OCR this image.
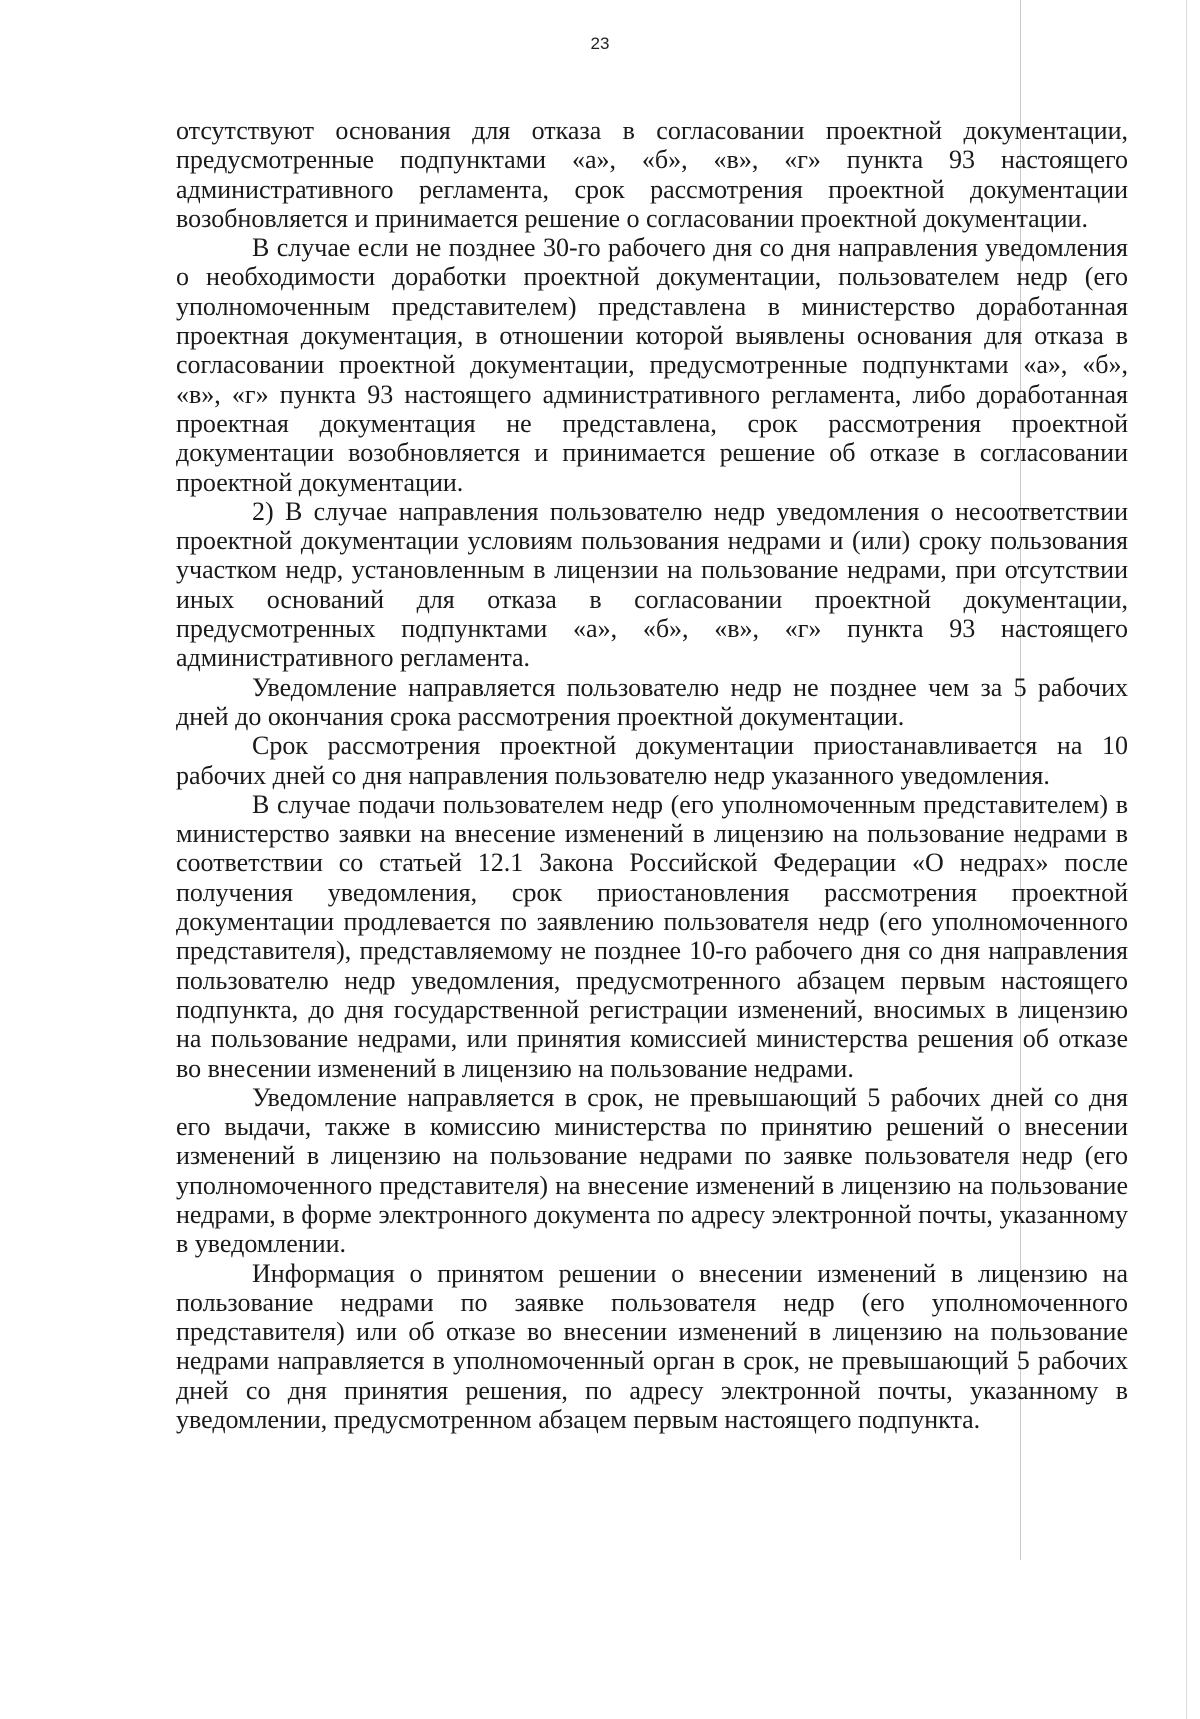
23

отсутствуют основания для отказа в согласовании проектной документации, предусмотренные подпунктами «а», «б», «в», «г» пункта 93 настоящего административного регламента, срок рассмотрения проектной документации возобновляется и принимается решение о согласовании проектной документации.

В случае если не позднее 30-го рабочего дня со дня направления уведомления о необходимости доработки проектной документации, пользователем недр (его уполномоченным представителем) представлена в министерство доработанная проектная документация, в отношении которой выявлены основания для отказа в согласовании проектной документации, предусмотренные подпунктами «а», «б», «в», «г» пункта 93 настоящего административного регламента, либо доработанная проектная документация не представлена, срок рассмотрения проектной документации возобновляется и принимается решение об отказе в согласовании проектной документации.

2) В случае направления пользователю недр уведомления о несоответствии проектной документации условиям пользования недрами и (или) сроку пользования участком недр, установленным в лицензии на пользование недрами, при отсутствии иных оснований для отказа в согласовании проектной документации, предусмотренных подпунктами «а», «б», «в», «г» пункта 93 настоящего административного регламента.

Уведомление направляется пользователю недр не позднее чем за 5 рабочих дней до окончания срока рассмотрения проектной документации.

Срок рассмотрения проектной документации приостанавливается на 10 рабочих дней со дня направления пользователю недр указанного уведомления.

В случае подачи пользователем недр (его уполномоченным представителем) в министерство заявки на внесение изменений в лицензию на пользование недрами в соответствии со статьей 12.1 Закона Российской Федерации «О недрах» после получения уведомления, срок приостановления рассмотрения проектной документации продлевается по заявлению пользователя недр (его уполномоченного представителя), представляемому не позднее 10-го рабочего дня со дня направления пользователю недр уведомления, предусмотренного абзацем первым настоящего подпункта, до дня государственной регистрации изменений, вносимых в лицензию на пользование недрами, или принятия комиссией министерства решения об отказе во внесении изменений в лицензию на пользование недрами.

Уведомление направляется в срок, не превышающий 5 рабочих дней со дня его выдачи, также в комиссию министерства по принятию решений о внесении изменений в лицензию на пользование недрами по заявке пользователя недр (его уполномоченного представителя) на внесение изменений в лицензию на пользование недрами, в форме электронного документа по адресу электронной почты, указанному в уведомлении.

Информация о принятом решении о внесении изменений в лицензию на пользование недрами по заявке пользователя недр (его уполномоченного представителя) или об отказе во внесении изменений в лицензию на пользование недрами направляется в уполномоченный орган в срок, не превышающий 5 рабочих дней со дня принятия решения, по адресу электронной почты, указанному в уведомлении, предусмотренном абзацем первым настоящего подпункта.
